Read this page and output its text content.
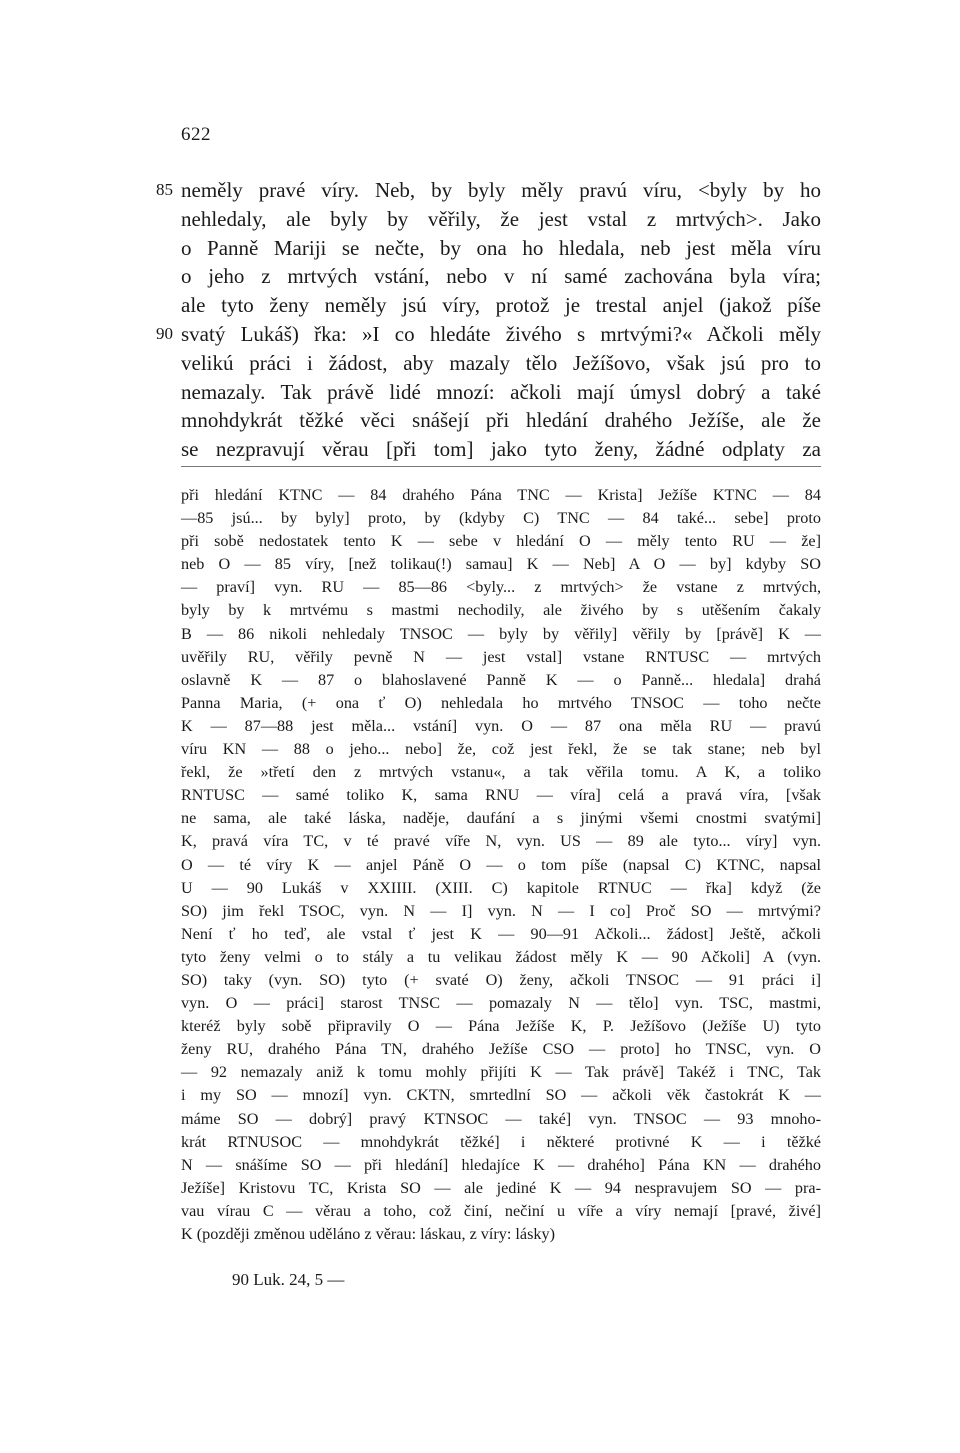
622
85 neměly pravé víry. Neb, by byly měly pravú víru, <byly by ho
nehledaly, ale byly by věřily, že jest vstal z mrtvých>. Jako
o Panně Mariji se nečte, by ona ho hledala, neb jest měla víru
o jeho z mrtvých vstání, nebo v ní samé zachována byla víra;
ale tyto ženy neměly jsú víry, protož je trestal anjel (jakož píše
90 svatý Lukáš) řka: »I co hledáte živého s mrtvými?« Ačkoli měly
velikú práci i žádost, aby mazaly tělo Ježíšovo, však jsú pro to
nemazaly. Tak právě lidé mnozí: ačkoli mají úmysl dobrý a také
mnohdykrát těžké věci snášejí při hledání drahého Ježíše, ale že
se nezpravují věrau [při tom] jako tyto ženy, žádné odplaty za
při hledání KTNC — 84 drahého Pána TNC — Krista] Ježíše KTNC — 84
—85 jsú... by byly] proto, by (kdyby C) TNC — 84 také... sebe] proto
při sobě nedostatek tento K — sebe v hledání O — měly tento RU — že]
neb O — 85 víry, [než tolikau(!) samau] K — Neb] A O — by] kdyby SO
— praví] vyn. RU — 85—86 <byly... z mrtvých> že vstane z mrtvých,
byly by k mrtvému s mastmi nechodily, ale živého by s utěšením čakaly
B — 86 nikoli nehledaly TNSOC — byly by věřily] věřily by [právě] K —
uvěřily RU, věřily pevně N — jest vstal] vstane RNTUSC — mrtvých
oslavně K — 87 o blahoslavené Panně K — o Panně... hledala] drahá
Panna Maria, (+ ona ť O) nehledala ho mrtvého TNSOC — toho nečte
K — 87—88 jest měla... vstání] vyn. O — 87 ona měla RU — pravú
víru KN — 88 o jeho... nebo] že, což jest řekl, že se tak stane; neb byl
řekl, že »třetí den z mrtvých vstanu«, a tak věřila tomu. A K, a toliko
RNTUSC — samé toliko K, sama RNU — víra] celá a pravá víra, [však
ne sama, ale také láska, naděje, daufání a s jinými všemi cnostmi svatými]
K, pravá víra TC, v té pravé víře N, vyn. US — 89 ale tyto... víry] vyn.
O — té víry K — anjel Páně O — o tom píše (napsal C) KTNC, napsal
U — 90 Lukáš v XXIIII. (XIII. C) kapitole RTNUC — řka] když (že
SO) jim řekl TSOC, vyn. N — I] vyn. N — I co] Proč SO — mrtvými?
Není ť ho teď, ale vstal ť jest K — 90—91 Ačkoli... žádost] Ještě, ačkoli
tyto ženy velmi o to stály a tu velikau žádost měly K — 90 Ačkoli] A (vyn.
SO) taky (vyn. SO) tyto (+ svaté O) ženy, ačkoli TNSOC — 91 práci i]
vyn. O — práci] starost TNSC — pomazaly N — tělo] vyn. TSC, mastmi,
kteréž byly sobě připravily O — Pána Ježíše K, P. Ježíšovo (Ježíše U) tyto
ženy RU, drahého Pána TN, drahého Ježíše CSO — proto] ho TNSC, vyn. O
— 92 nemazaly aniž k tomu mohly přijíti K — Tak právě] Takéž i TNC, Tak
i my SO — mnozí] vyn. CKTN, smrtedlní SO — ačkoli vĕk častokrát K —
máme SO — dobrý] pravý KTNSOC — také] vyn. TNSOC — 93 mnoho-
krát RTNUSOC — mnohdykrát těžké] i některé protivné K — i těžké
N — snášíme SO — při hledání] hledajíce K — drahého] Pána KN — drahého
Ježíše] Kristovu TC, Krista SO — ale jediné K — 94 nespravujem SO — pra-
vau vírau C — věrau a toho, což činí, nečiní u víře a víry nemají [pravé, živé]
K (později změnou uděláno z věrau: láskau, z víry: lásky)
90 Luk. 24, 5 —
